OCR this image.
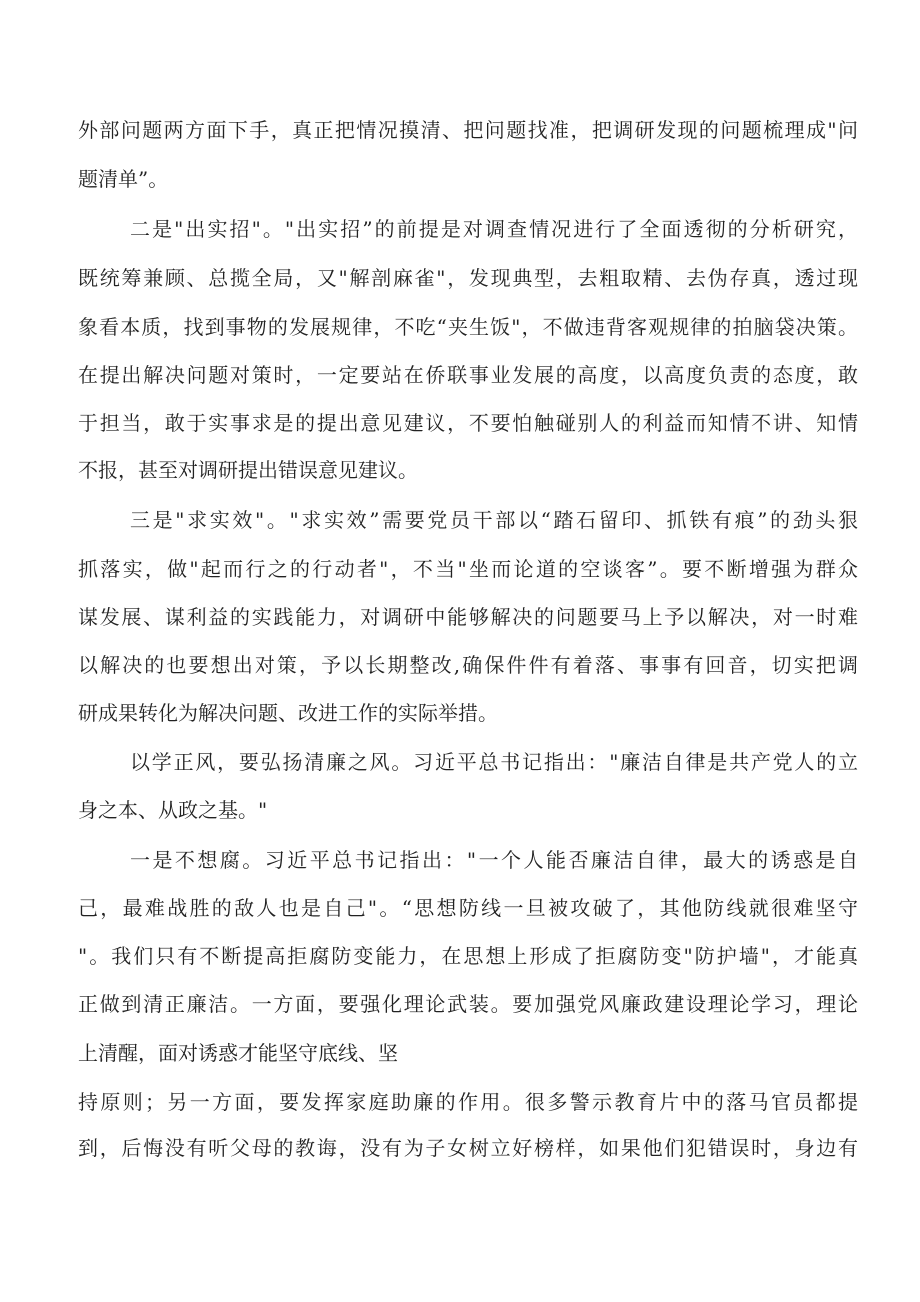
外部问题两方面下手，真正把情况摸清、把问题找准，把调研发现的问题梳理成"问
题清单”。
二是"出实招"。"出实招”的前提是对调查情况进行了全面透彻的分析研究，
既统筹兼顾、总揽全局，又"解剖麻雀"，发现典型，去粗取精、去伪存真，透过现
象看本质，找到事物的发展规律，不吃“夹生饭"，不做违背客观规律的拍脑袋决策。
在提出解决问题对策时，一定要站在侨联事业发展的高度，以高度负责的态度，敢
于担当，敢于实事求是的提出意见建议，不要怕触碰别人的利益而知情不讲、知情
不报，甚至对调研提出错误意见建议。
三是"求实效"。"求实效”需要党员干部以“踏石留印、抓铁有痕”的劲头狠
抓落实，做"起而行之的行动者"，不当"坐而论道的空谈客”。要不断增强为群众
谋发展、谋利益的实践能力，对调研中能够解决的问题要马上予以解决，对一时难
以解决的也要想出对策，予以长期整改,确保件件有着落、事事有回音，切实把调
研成果转化为解决问题、改进工作的实际举措。
以学正风，要弘扬清廉之风。习近平总书记指出："廉洁自律是共产党人的立
身之本、从政之基。"
一是不想腐。习近平总书记指出："一个人能否廉洁自律，最大的诱惑是自
己，最难战胜的敌人也是自己"。“思想防线一旦被攻破了，其他防线就很难坚守
"。我们只有不断提高拒腐防变能力，在思想上形成了拒腐防变"防护墙"，才能真
正做到清正廉洁。一方面，要强化理论武装。要加强党风廉政建设理论学习，理论
上清醒，面对诱惑才能坚守底线、坚
持原则；另一方面，要发挥家庭助廉的作用。很多警示教育片中的落马官员都提
到，后悔没有听父母的教诲，没有为子女树立好榜样，如果他们犯错误时，身边有
